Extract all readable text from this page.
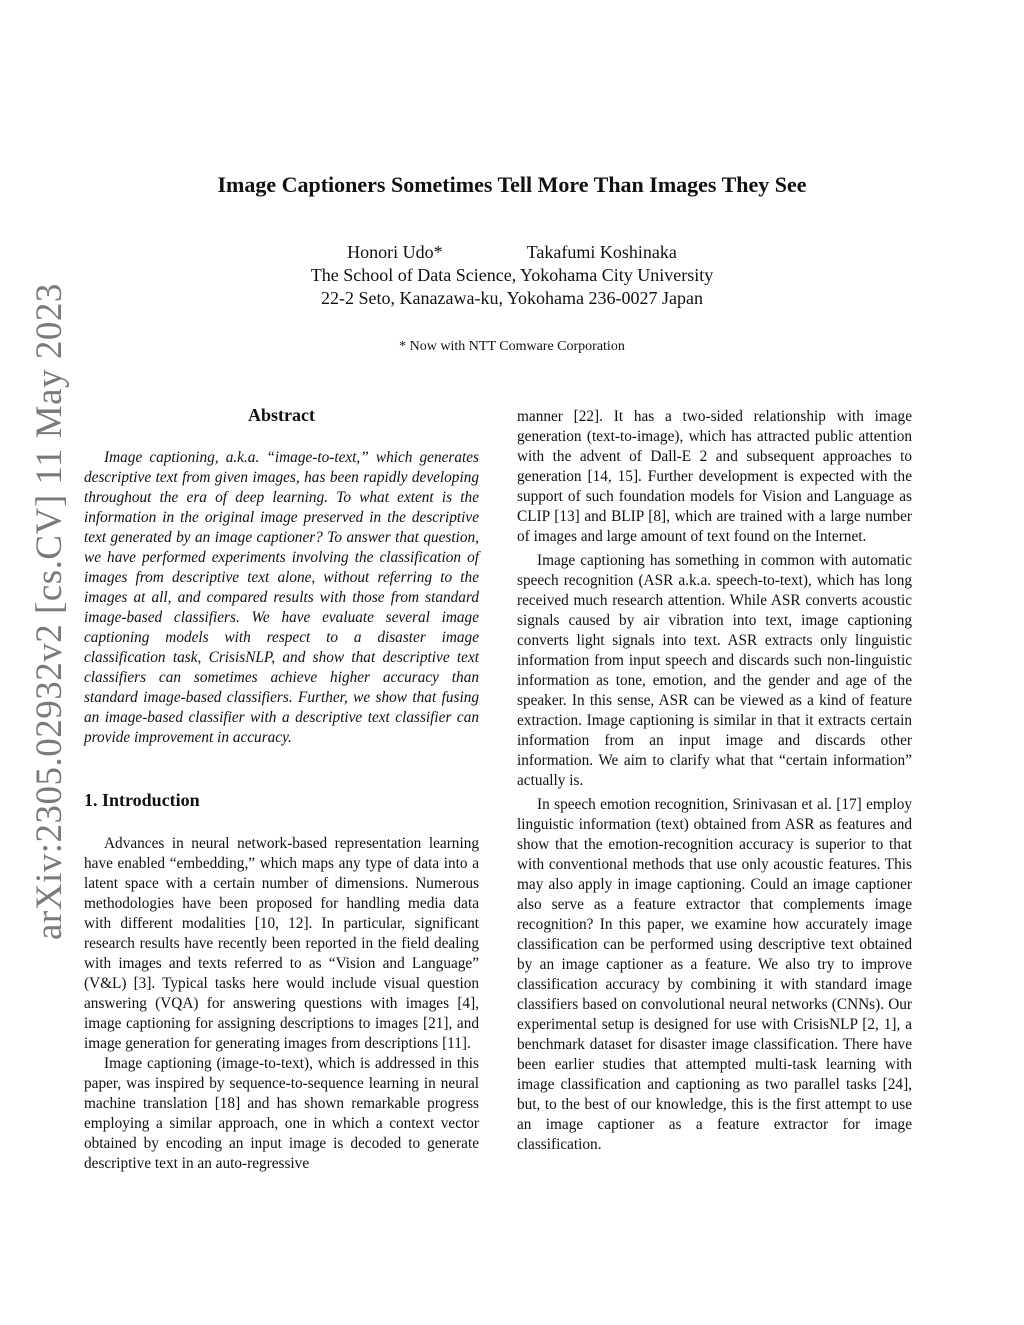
arXiv:2305.02932v2 [cs.CV] 11 May 2023
Image Captioners Sometimes Tell More Than Images They See
Honori Udo*	Takafumi Koshinaka
The School of Data Science, Yokohama City University
22-2 Seto, Kanazawa-ku, Yokohama 236-0027 Japan
* Now with NTT Comware Corporation
Abstract

Image captioning, a.k.a. “image-to-text,” which generates descriptive text from given images, has been rapidly developing throughout the era of deep learning. To what extent is the information in the original image preserved in the descriptive text generated by an image captioner? To answer that question, we have performed experiments involving the classification of images from descriptive text alone, without referring to the images at all, and compared results with those from standard image-based classifiers. We have evaluate several image captioning models with respect to a disaster image classification task, CrisisNLP, and show that descriptive text classifiers can sometimes achieve higher accuracy than standard image-based classifiers. Further, we show that fusing an image-based classifier with a descriptive text classifier can provide improvement in accuracy.

1. Introduction

Advances in neural network-based representation learning have enabled “embedding,” which maps any type of data into a latent space with a certain number of dimensions. Numerous methodologies have been proposed for handling media data with different modalities [10, 12]. In particular, significant research results have recently been reported in the field dealing with images and texts referred to as “Vision and Language” (V&L) [3]. Typical tasks here would include visual question answering (VQA) for answering questions with images [4], image captioning for assigning descriptions to images [21], and image generation for generating images from descriptions [11].

Image captioning (image-to-text), which is addressed in this paper, was inspired by sequence-to-sequence learning in neural machine translation [18] and has shown remarkable progress employing a similar approach, one in which a context vector obtained by encoding an input image is decoded to generate descriptive text in an auto-regressive

manner [22]. It has a two-sided relationship with image generation (text-to-image), which has attracted public attention with the advent of Dall-E 2 and subsequent approaches to generation [14, 15]. Further development is expected with the support of such foundation models for Vision and Language as CLIP [13] and BLIP [8], which are trained with a large number of images and large amount of text found on the Internet.

Image captioning has something in common with automatic speech recognition (ASR a.k.a. speech-to-text), which has long received much research attention. While ASR converts acoustic signals caused by air vibration into text, image captioning converts light signals into text. ASR extracts only linguistic information from input speech and discards such non-linguistic information as tone, emotion, and the gender and age of the speaker. In this sense, ASR can be viewed as a kind of feature extraction. Image captioning is similar in that it extracts certain information from an input image and discards other information. We aim to clarify what that “certain information” actually is.

In speech emotion recognition, Srinivasan et al. [17] employ linguistic information (text) obtained from ASR as features and show that the emotion-recognition accuracy is superior to that with conventional methods that use only acoustic features. This may also apply in image captioning. Could an image captioner also serve as a feature extractor that complements image recognition? In this paper, we examine how accurately image classification can be performed using descriptive text obtained by an image captioner as a feature. We also try to improve classification accuracy by combining it with standard image classifiers based on convolutional neural networks (CNNs). Our experimental setup is designed for use with CrisisNLP [2, 1], a benchmark dataset for disaster image classification. There have been earlier studies that attempted multi-task learning with image classification and captioning as two parallel tasks [24], but, to the best of our knowledge, this is the first attempt to use an image captioner as a feature extractor for image classification.
